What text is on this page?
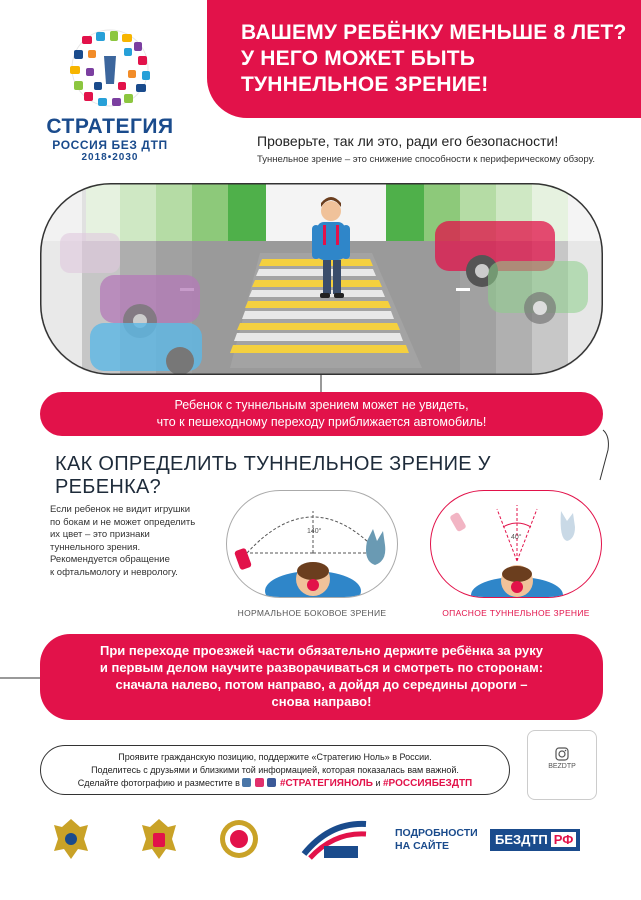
ВАШЕМУ РЕБЁНКУ МЕНЬШЕ 8 ЛЕТ?
У НЕГО МОЖЕТ БЫТЬ
ТУННЕЛЬНОЕ ЗРЕНИЕ!
СТРАТЕГИЯ
РОССИЯ БЕЗ ДТП
2018•2030
Проверьте, так ли это, ради его безопасности!
Туннельное зрение – это снижение способности к периферическому обзору.
Ребенок с туннельным зрением может не увидеть,
что к пешеходному переходу приближается автомобиль!
КАК ОПРЕДЕЛИТЬ ТУННЕЛЬНОЕ ЗРЕНИЕ У РЕБЕНКА?
Если ребенок не видит игрушки
по бокам и не может определить
их цвет – это признаки
туннельного зрения.
Рекомендуется обращение
к офтальмологу и неврологу.
140°
НОРМАЛЬНОЕ БОКОВОЕ ЗРЕНИЕ
40°
ОПАСНОЕ ТУННЕЛЬНОЕ ЗРЕНИЕ
При переходе проезжей части обязательно держите ребёнка за руку
и первым делом научите разворачиваться и смотреть по сторонам:
сначала налево, потом направо, а дойдя до середины дороги –
снова направо!
Проявите гражданскую позицию, поддержите «Стратегию Ноль» в России.
Поделитесь с друзьями и близкими той информацией, которая показалась вам важной.
Сделайте фотографию и разместите в	#СТРАТЕГИЯНОЛЬ и #РОССИЯБЕЗДТП
BEZDTP
ПОДРОБНОСТИ
НА САЙТЕ	БЕЗДТП РФ
